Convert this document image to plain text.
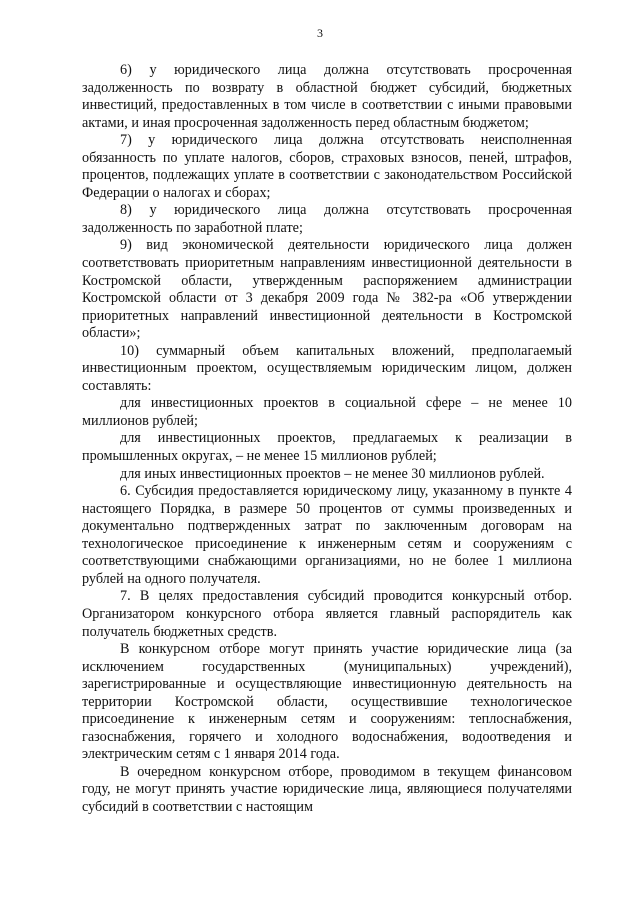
3

6) у юридического лица должна отсутствовать просроченная задолженность по возврату в областной бюджет субсидий, бюджетных инвестиций, предоставленных в том числе в соответствии с иными правовыми актами, и иная просроченная задолженность перед областным бюджетом;

7) у юридического лица должна отсутствовать неисполненная обязанность по уплате налогов, сборов, страховых взносов, пеней, штрафов, процентов, подлежащих уплате в соответствии с законодательством Российской Федерации о налогах и сборах;

8) у юридического лица должна отсутствовать просроченная задолженность по заработной плате;

9) вид экономической деятельности юридического лица должен соответствовать приоритетным направлениям инвестиционной деятельности в Костромской области, утвержденным распоряжением администрации Костромской области от 3 декабря 2009 года № 382-ра «Об утверждении приоритетных направлений инвестиционной деятельности в Костромской области»;

10) суммарный объем капитальных вложений, предполагаемый инвестиционным проектом, осуществляемым юридическим лицом, должен составлять:

для инвестиционных проектов в социальной сфере – не менее 10 миллионов рублей;

для инвестиционных проектов, предлагаемых к реализации в промышленных округах, – не менее 15 миллионов рублей;

для иных инвестиционных проектов – не менее 30 миллионов рублей.

6. Субсидия предоставляется юридическому лицу, указанному в пункте 4 настоящего Порядка, в размере 50 процентов от суммы произведенных и документально подтвержденных затрат по заключенным договорам на технологическое присоединение к инженерным сетям и сооружениям с соответствующими снабжающими организациями, но не более 1 миллиона рублей на одного получателя.

7. В целях предоставления субсидий проводится конкурсный отбор. Организатором конкурсного отбора является главный распорядитель как получатель бюджетных средств.

В конкурсном отборе могут принять участие юридические лица (за исключением государственных (муниципальных) учреждений), зарегистрированные и осуществляющие инвестиционную деятельность на территории Костромской области, осуществившие технологическое присоединение к инженерным сетям и сооружениям: теплоснабжения, газоснабжения, горячего и холодного водоснабжения, водоотведения и электрическим сетям с 1 января 2014 года.

В очередном конкурсном отборе, проводимом в текущем финансовом году, не могут принять участие юридические лица, являющиеся получателями субсидий в соответствии с настоящим
